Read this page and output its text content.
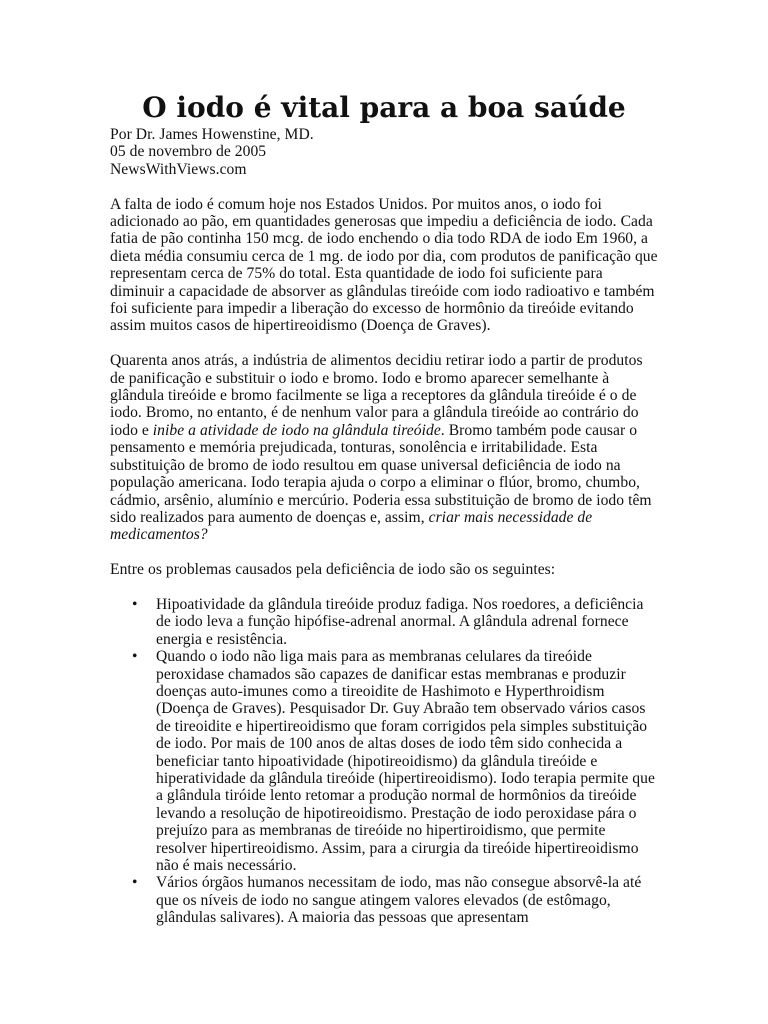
O iodo é vital para a boa saúde

Por Dr. James Howenstine, MD.

05 de novembro de 2005

NewsWithViews.com

A falta de iodo é comum hoje nos Estados Unidos. Por muitos anos, o iodo foi adicionado ao pão, em quantidades generosas que impediu a deficiência de iodo. Cada fatia de pão continha 150 mcg. de iodo enchendo o dia todo RDA de iodo Em 1960, a dieta média consumiu cerca de 1 mg. de iodo por dia, com produtos de panificação que representam cerca de 75% do total. Esta quantidade de iodo foi suficiente para diminuir a capacidade de absorver as glândulas tireóide com iodo radioativo e também foi suficiente para impedir a liberação do excesso de hormônio da tireóide evitando assim muitos casos de hipertireoidismo (Doença de Graves).

Quarenta anos atrás, a indústria de alimentos decidiu retirar iodo a partir de produtos de panificação e substituir o iodo e bromo. Iodo e bromo aparecer semelhante à glândula tireóide e bromo facilmente se liga a receptores da glândula tireóide é o de iodo. Bromo, no entanto, é de nenhum valor para a glândula tireóide ao contrário do iodo e inibe a atividade de iodo na glândula tireóide. Bromo também pode causar o pensamento e memória prejudicada, tonturas, sonolência e irritabilidade. Esta substituição de bromo de iodo resultou em quase universal deficiência de iodo na população americana. Iodo terapia ajuda o corpo a eliminar o flúor, bromo, chumbo, cádmio, arsênio, alumínio e mercúrio. Poderia essa substituição de bromo de iodo têm sido realizados para aumento de doenças e, assim, criar mais necessidade de medicamentos?

Entre os problemas causados pela deficiência de iodo são os seguintes:

• Hipoatividade da glândula tireóide produz fadiga. Nos roedores, a deficiência de iodo leva a função hipófise-adrenal anormal. A glândula adrenal fornece energia e resistência.
• Quando o iodo não liga mais para as membranas celulares da tireóide peroxidase chamados são capazes de danificar estas membranas e produzir doenças auto-imunes como a tireoidite de Hashimoto e Hyperthroidism (Doença de Graves). Pesquisador Dr. Guy Abraão tem observado vários casos de tireoidite e hipertireoidismo que foram corrigidos pela simples substituição de iodo. Por mais de 100 anos de altas doses de iodo têm sido conhecida a beneficiar tanto hipoatividade (hipotireoidismo) da glândula tireóide e hiperatividade da glândula tireóide (hipertireoidismo). Iodo terapia permite que a glândula tiróide lento retomar a produção normal de hormônios da tireóide levando a resolução de hipotireoidismo. Prestação de iodo peroxidase pára o prejuízo para as membranas de tireóide no hipertiroidismo, que permite resolver hipertireoidismo. Assim, para a cirurgia da tireóide hipertireoidismo não é mais necessário.
• Vários órgãos humanos necessitam de iodo, mas não consegue absorvê-la até que os níveis de iodo no sangue atingem valores elevados (de estômago, glândulas salivares). A maioria das pessoas que apresentam
